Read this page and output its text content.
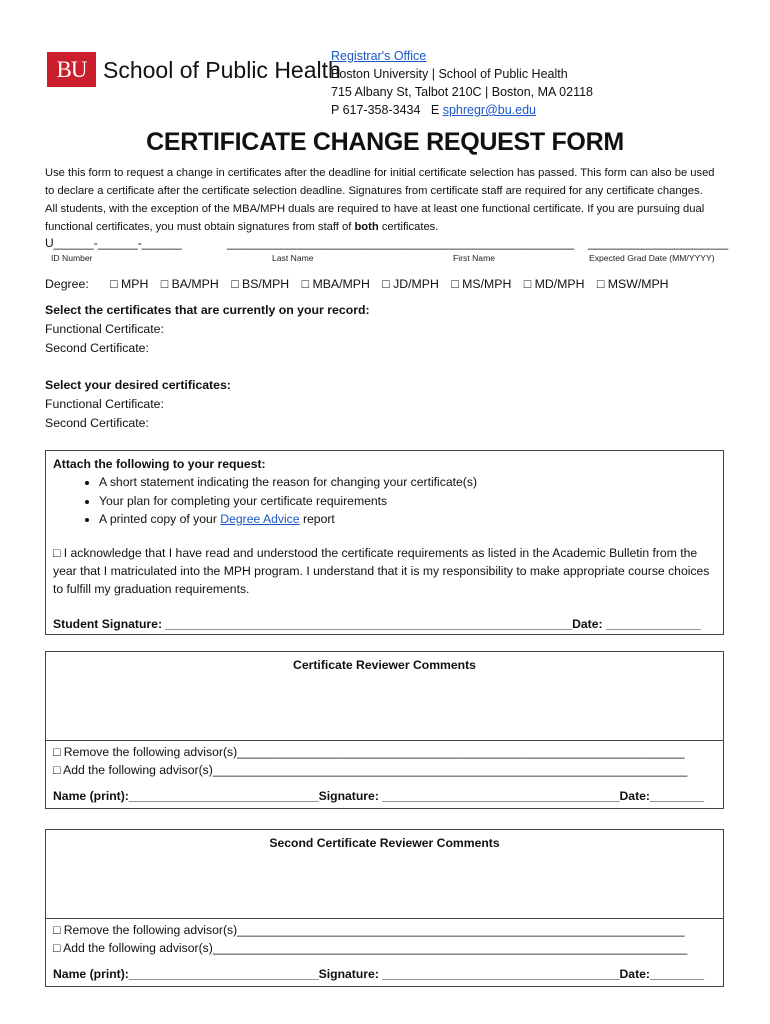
BU School of Public Health
Registrar's Office
Boston University | School of Public Health
715 Albany St, Talbot 210C | Boston, MA 02118
P 617-358-3434 E sphregr@bu.edu
CERTIFICATE CHANGE REQUEST FORM
Use this form to request a change in certificates after the deadline for initial certificate selection has passed. This form can also be used to declare a certificate after the certificate selection deadline. Signatures from certificate staff are required for any certificate changes. All students, with the exception of the MBA/MPH duals are required to have at least one functional certificate. If you are pursuing dual functional certificates, you must obtain signatures from staff of both certificates.
U______-______-______	____________________________________________________ _____________________
ID Number	Last Name	First Name	Expected Grad Date (MM/YYYY)
Degree: □ MPH □ BA/MPH □ BS/MPH □ MBA/MPH □ JD/MPH □ MS/MPH □ MD/MPH □ MSW/MPH
Select the certificates that are currently on your record:
Functional Certificate:
Second Certificate:
Select your desired certificates:
Functional Certificate:
Second Certificate:
Attach the following to your request:
• A short statement indicating the reason for changing your certificate(s)
• Your plan for completing your certificate requirements
• A printed copy of your Degree Advice report
□ I acknowledge that I have read and understood the certificate requirements as listed in the Academic Bulletin from the year that I matriculated into the MPH program. I understand that it is my responsibility to make appropriate course choices to fulfill my graduation requirements.
Student Signature: ____________________________________________________________Date: ______________
Certificate Reviewer Comments
□ Remove the following advisor(s)__________________________________________________________________
□ Add the following advisor(s)______________________________________________________________________
Name (print):____________________________Signature: ___________________________________Date:________
Second Certificate Reviewer Comments
□ Remove the following advisor(s)__________________________________________________________________
□ Add the following advisor(s)______________________________________________________________________
Name (print):____________________________Signature: ___________________________________Date:________
